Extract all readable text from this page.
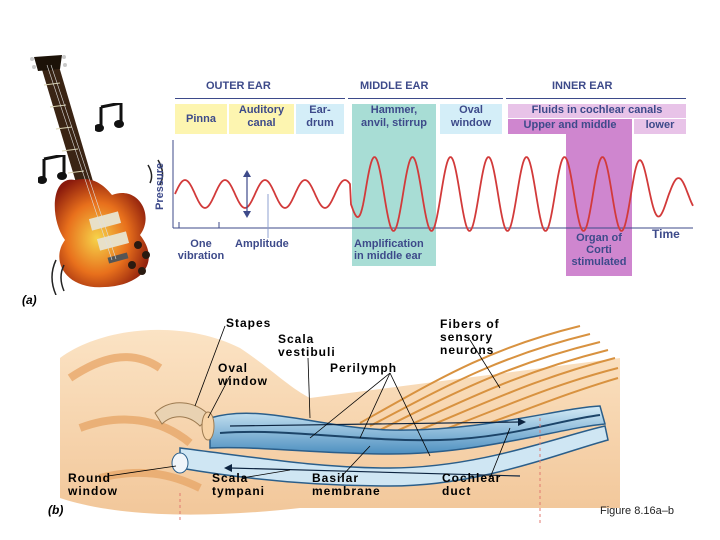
OUTER EAR	MIDDLE EAR	INNER EAR
Pinna
Auditory
canal
Ear-
drum
Hammer,
anvil, stirrup
Oval
window
Fluids in cochlear canals
Upper and middle	lower
Pressure
Time
One
vibration
Amplitude	Amplification
in middle ear
Organ of
Corti
stimulated
(a)
Stapes
Scala
vestibuli
Oval
window
Perilymph
Fibers of
sensory
neurons
Round
window
Scala
tympani
Basilar
membrane
Cochlear
duct
(b)	Figure 8.16a–b
